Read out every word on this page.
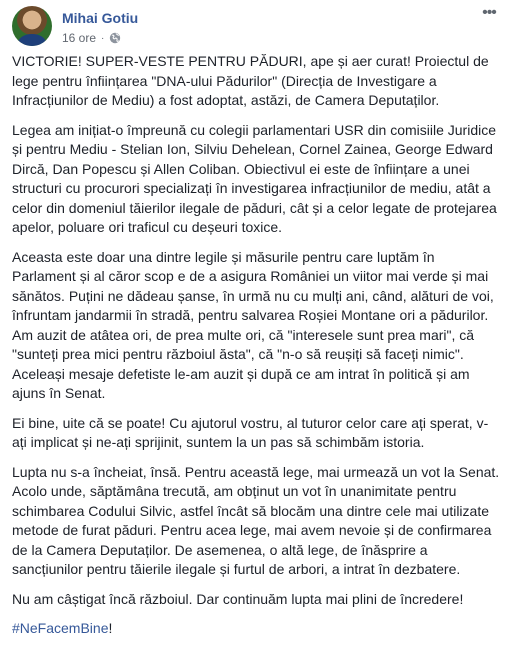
Mihai Gotiu
16 ore ·
•••

VICTORIE! SUPER-VESTE PENTRU PĂDURI, ape și aer curat! Proiectul de lege pentru înființarea "DNA-ului Pădurilor" (Direcția de Investigare a Infracțiunilor de Mediu) a fost adoptat, astăzi, de Camera Deputaților.

Legea am inițiat-o împreună cu colegii parlamentari USR din comisiile Juridice și pentru Mediu - Stelian Ion, Silviu Dehelean, Cornel Zainea, George Edward Dircă, Dan Popescu și Allen Coliban. Obiectivul ei este de înființare a unei structuri cu procurori specializați în investigarea infracțiunilor de mediu, atât a celor din domeniul tăierilor ilegale de păduri, cât și a celor legate de protejarea apelor, poluare ori traficul cu deșeuri toxice.

Aceasta este doar una dintre legile și măsurile pentru care luptăm în Parlament și al căror scop e de a asigura României un viitor mai verde și mai sănătos. Puțini ne dădeau șanse, în urmă nu cu mulți ani, când, alături de voi, înfruntam jandarmii în stradă, pentru salvarea Roșiei Montane ori a pădurilor. Am auzit de atâtea ori, de prea multe ori, că "interesele sunt prea mari", că "sunteți prea mici pentru războiul ăsta", că "n-o să reușiți să faceți nimic". Aceleași mesaje defetiste le-am auzit și după ce am intrat în politică și am ajuns în Senat.

Ei bine, uite că se poate! Cu ajutorul vostru, al tuturor celor care ați sperat, v-ați implicat și ne-ați sprijinit, suntem la un pas să schimbăm istoria.

Lupta nu s-a încheiat, însă. Pentru această lege, mai urmează un vot la Senat. Acolo unde, săptămâna trecută, am obținut un vot în unanimitate pentru schimbarea Codului Silvic, astfel încât să blocăm una dintre cele mai utilizate metode de furat păduri. Pentru acea lege, mai avem nevoie și de confirmarea de la Camera Deputaților. De asemenea, o altă lege, de înăsprire a sancțiunilor pentru tăierile ilegale și furtul de arbori, a intrat în dezbatere.

Nu am câștigat încă războiul. Dar continuăm lupta mai plini de încredere!

#NeFacemBine!
